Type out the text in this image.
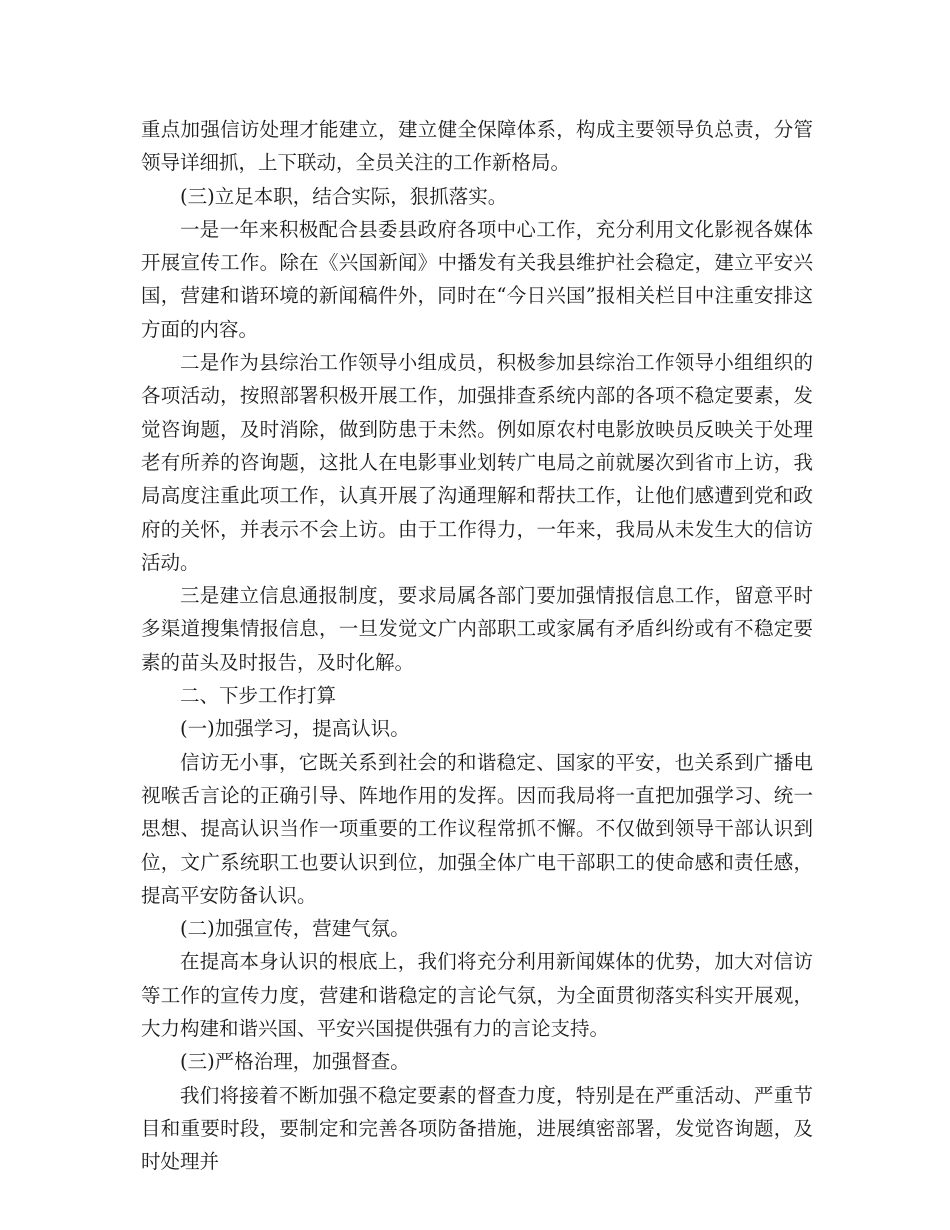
重点加强信访处理才能建立，建立健全保障体系，构成主要领导负总责，分管领导详细抓，上下联动，全员关注的工作新格局。

(三)立足本职，结合实际，狠抓落实。

一是一年来积极配合县委县政府各项中心工作，充分利用文化影视各媒体开展宣传工作。除在《兴国新闻》中播发有关我县维护社会稳定，建立平安兴国，营建和谐环境的新闻稿件外，同时在“今日兴国”报相关栏目中注重安排这方面的内容。

二是作为县综治工作领导小组成员，积极参加县综治工作领导小组组织的各项活动，按照部署积极开展工作，加强排查系统内部的各项不稳定要素，发觉咨询题，及时消除，做到防患于未然。例如原农村电影放映员反映关于处理老有所养的咨询题，这批人在电影事业划转广电局之前就屡次到省市上访，我局高度注重此项工作，认真开展了沟通理解和帮扶工作，让他们感遭到党和政府的关怀，并表示不会上访。由于工作得力，一年来，我局从未发生大的信访活动。

三是建立信息通报制度，要求局属各部门要加强情报信息工作，留意平时多渠道搜集情报信息，一旦发觉文广内部职工或家属有矛盾纠纷或有不稳定要素的苗头及时报告，及时化解。

二、下步工作打算

(一)加强学习，提高认识。

信访无小事，它既关系到社会的和谐稳定、国家的平安，也关系到广播电视喉舌言论的正确引导、阵地作用的发挥。因而我局将一直把加强学习、统一思想、提高认识当作一项重要的工作议程常抓不懈。不仅做到领导干部认识到位，文广系统职工也要认识到位，加强全体广电干部职工的使命感和责任感，提高平安防备认识。

(二)加强宣传，营建气氛。

在提高本身认识的根底上，我们将充分利用新闻媒体的优势，加大对信访等工作的宣传力度，营建和谐稳定的言论气氛，为全面贯彻落实科实开展观，大力构建和谐兴国、平安兴国提供强有力的言论支持。

(三)严格治理，加强督查。

我们将接着不断加强不稳定要素的督查力度，特别是在严重活动、严重节目和重要时段，要制定和完善各项防备措施，进展缜密部署，发觉咨询题，及时处理并
